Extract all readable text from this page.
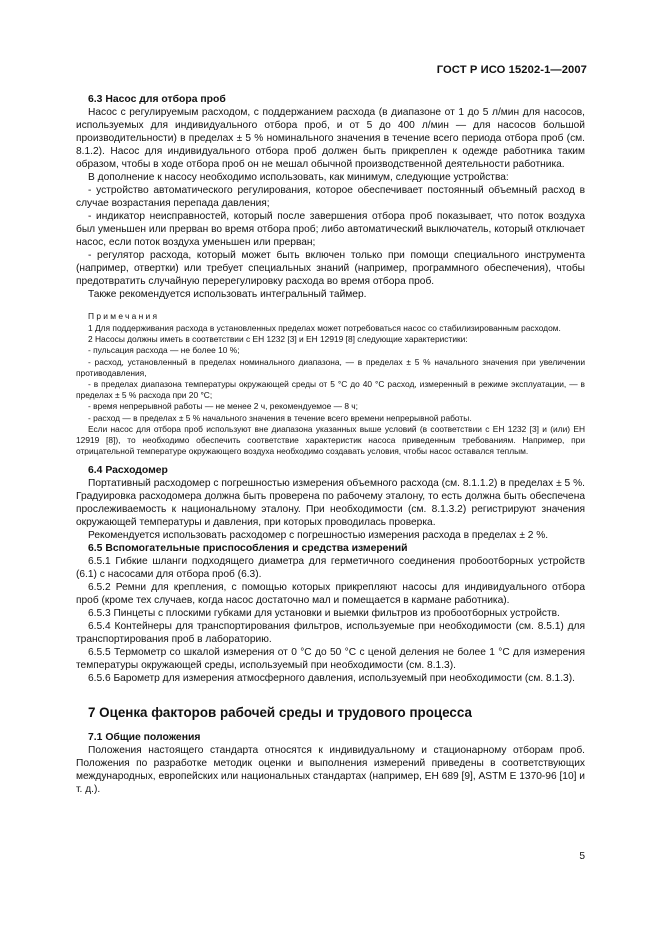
ГОСТ Р ИСО 15202-1—2007
6.3 Насос для отбора проб

Насос с регулируемым расходом, с поддержанием расхода (в диапазоне от 1 до 5 л/мин для насосов, используемых для индивидуального отбора проб, и от 5 до 400 л/мин — для насосов большой производительности) в пределах ± 5 % номинального значения в течение всего периода отбора проб (см. 8.1.2). Насос для индивидуального отбора проб должен быть прикреплен к одежде работника таким образом, чтобы в ходе отбора проб он не мешал обычной производственной деятельности работника.

В дополнение к насосу необходимо использовать, как минимум, следующие устройства:

- устройство автоматического регулирования, которое обеспечивает постоянный объемный расход в случае возрастания перепада давления;

- индикатор неисправностей, который после завершения отбора проб показывает, что поток воздуха был уменьшен или прерван во время отбора проб; либо автоматический выключатель, который отключает насос, если поток воздуха уменьшен или прерван;

- регулятор расхода, который может быть включен только при помощи специального инструмента (например, отвертки) или требует специальных знаний (например, программного обеспечения), чтобы предотвратить случайную перерегулировку расхода во время отбора проб.

Также рекомендуется использовать интегральный таймер.

Примечания
1 Для поддерживания расхода в установленных пределах может потребоваться насос со стабилизированным расходом.
2 Насосы должны иметь в соответствии с ЕН 1232 [3] и ЕН 12919 [8] следующие характеристики:
- пульсация расхода — не более 10 %;
- расход, установленный в пределах номинального диапазона, — в пределах ± 5 % начального значения при увеличении противодавления,
- в пределах диапазона температуры окружающей среды от 5 °С до 40 °С расход, измеренный в режиме эксплуатации, — в пределах ± 5 % расхода при 20 °С;
- время непрерывной работы — не менее 2 ч, рекомендуемое — 8 ч;
- расход — в пределах ± 5 % начального значения в течение всего времени непрерывной работы.
Если насос для отбора проб используют вне диапазона указанных выше условий (в соответствии с ЕН 1232 [3] и (или) ЕН 12919 [8]), то необходимо обеспечить соответствие характеристик насоса приведенным требованиям. Например, при отрицательной температуре окружающего воздуха необходимо создавать условия, чтобы насос оставался теплым.
6.4 Расходомер

Портативный расходомер с погрешностью измерения объемного расхода (см. 8.1.1.2) в пределах ± 5 %. Градуировка расходомера должна быть проверена по рабочему эталону, то есть должна быть обеспечена прослеживаемость к национальному эталону. При необходимости (см. 8.1.3.2) регистрируют значения окружающей температуры и давления, при которых проводилась проверка.

Рекомендуется использовать расходомер с погрешностью измерения расхода в пределах ± 2 %.

6.5 Вспомогательные приспособления и средства измерений

6.5.1 Гибкие шланги подходящего диаметра для герметичного соединения пробоотборных устройств (6.1) с насосами для отбора проб (6.3).

6.5.2 Ремни для крепления, с помощью которых прикрепляют насосы для индивидуального отбора проб (кроме тех случаев, когда насос достаточно мал и помещается в кармане работника).

6.5.3 Пинцеты с плоскими губками для установки и выемки фильтров из пробоотборных устройств.

6.5.4 Контейнеры для транспортирования фильтров, используемые при необходимости (см. 8.5.1) для транспортирования проб в лабораторию.

6.5.5 Термометр со шкалой измерения от 0 °С до 50 °С с ценой деления не более 1 °С для измерения температуры окружающей среды, используемый при необходимости (см. 8.1.3).

6.5.6 Барометр для измерения атмосферного давления, используемый при необходимости (см. 8.1.3).

7 Оценка факторов рабочей среды и трудового процесса
7.1 Общие положения

Положения настоящего стандарта относятся к индивидуальному и стационарному отборам проб. Положения по разработке методик оценки и выполнения измерений приведены в соответствующих международных, европейских или национальных стандартах (например, ЕН 689 [9], ASTM E 1370-96 [10] и т. д.).

5
